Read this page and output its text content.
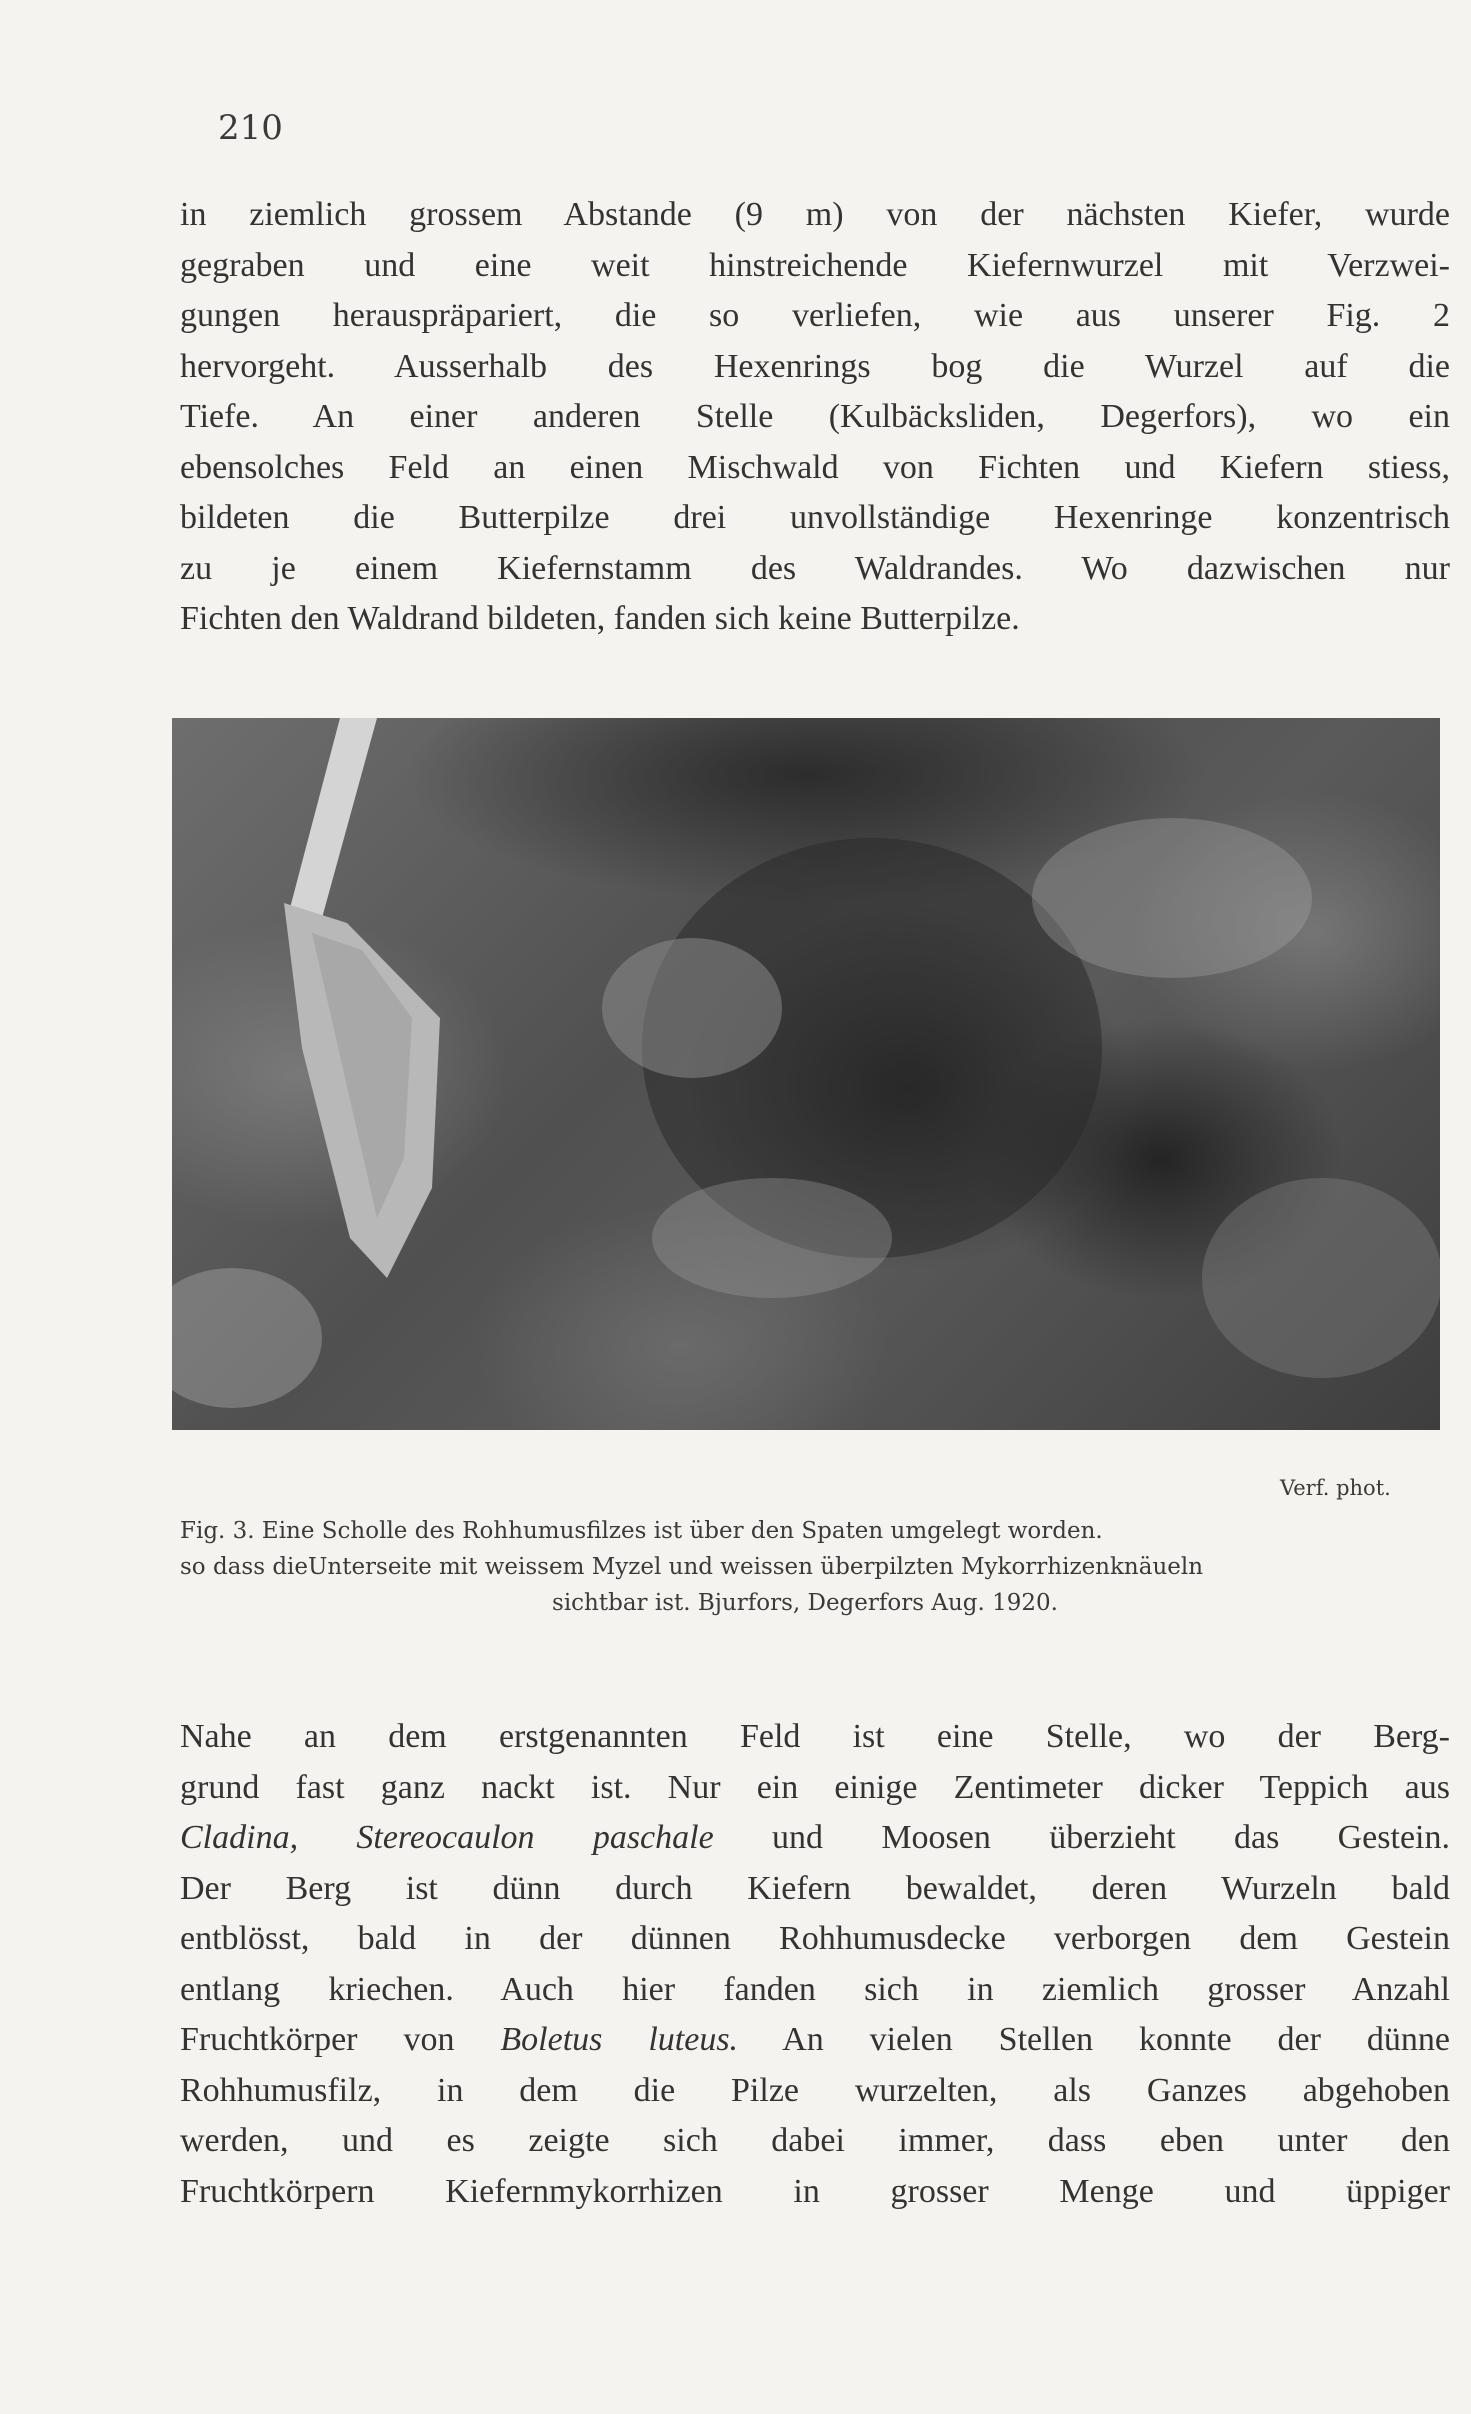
210
in ziemlich grossem Abstande (9 m) von der nächsten Kiefer, wurde
gegraben und eine weit hinstreichende Kiefernwurzel mit Verzwei-
gungen herauspräpariert, die so verliefen, wie aus unserer Fig. 2
hervorgeht. Ausserhalb des Hexenrings bog die Wurzel auf die
Tiefe. An einer anderen Stelle (Kulbäcksliden, Degerfors), wo ein
ebensolches Feld an einen Mischwald von Fichten und Kiefern stiess,
bildeten die Butterpilze drei unvollständige Hexenringe konzentrisch
zu je einem Kiefernstamm des Waldrandes. Wo dazwischen nur
Fichten den Waldrand bildeten, fanden sich keine Butterpilze.
Verf. phot.
Fig. 3. Eine Scholle des Rohhumusfilzes ist über den Spaten umgelegt worden.
so dass dieUnterseite mit weissem Myzel und weissen überpilzten Mykorrhizenknäueln
sichtbar ist. Bjurfors, Degerfors Aug. 1920.
Nahe an dem erstgenannten Feld ist eine Stelle, wo der Berg-
grund fast ganz nackt ist. Nur ein einige Zentimeter dicker Teppich aus
Cladina, Stereocaulon paschale und Moosen überzieht das Gestein.
Der Berg ist dünn durch Kiefern bewaldet, deren Wurzeln bald
entblösst, bald in der dünnen Rohhumusdecke verborgen dem Gestein
entlang kriechen. Auch hier fanden sich in ziemlich grosser Anzahl
Fruchtkörper von Boletus luteus. An vielen Stellen konnte der dünne
Rohhumusfilz, in dem die Pilze wurzelten, als Ganzes abgehoben
werden, und es zeigte sich dabei immer, dass eben unter den
Fruchtkörpern Kiefernmykorrhizen in grosser Menge und üppiger
